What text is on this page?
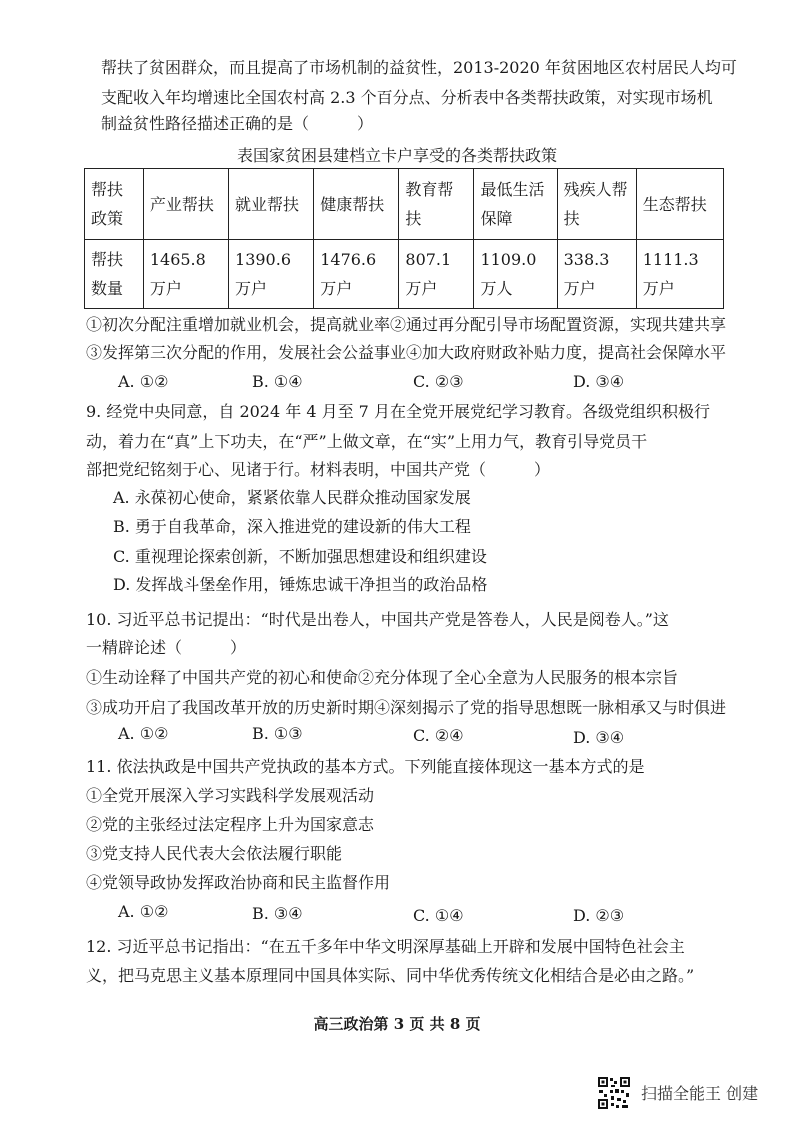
帮扶了贫困群众，而且提高了市场机制的益贫性，2013-2020 年贫困地区农村居民人均可
支配收入年均增速比全国农村高 2.3 个百分点、分析表中各类帮扶政策，对实现市场机
制益贫性路径描述正确的是（　　　）
表国家贫困县建档立卡户享受的各类帮扶政策
帮扶政策	产业帮扶	就业帮扶	健康帮扶	教育帮扶	最低生活保障	残疾人帮扶	生态帮扶
帮扶数量	1465.8 万户	1390.6 万户	1476.6 万户	807.1 万户	1109.0 万人	338.3 万户	1111.3 万户
①初次分配注重增加就业机会，提高就业率②通过再分配引导市场配置资源，实现共建共享
③发挥第三次分配的作用，发展社会公益事业④加大政府财政补贴力度，提高社会保障水平
A. ①②	B. ①④	C. ②③	D. ③④
9. 经党中央同意，自 2024 年 4 月至 7 月在全党开展党纪学习教育。各级党组织积极行
动，着力在“真”上下功夫，在“严”上做文章，在“实”上用力气，教育引导党员干
部把党纪铭刻于心、见诸于行。材料表明，中国共产党（　　　）
A. 永葆初心使命，紧紧依靠人民群众推动国家发展
B. 勇于自我革命，深入推进党的建设新的伟大工程
C. 重视理论探索创新，不断加强思想建设和组织建设
D. 发挥战斗堡垒作用，锤炼忠诚干净担当的政治品格
10. 习近平总书记提出：“时代是出卷人，中国共产党是答卷人，人民是阅卷人。”这
一精辟论述（　　　）
①生动诠释了中国共产党的初心和使命②充分体现了全心全意为人民服务的根本宗旨
③成功开启了我国改革开放的历史新时期④深刻揭示了党的指导思想既一脉相承又与时俱进
A. ①②	B. ①③	C. ②④	D. ③④
11. 依法执政是中国共产党执政的基本方式。下列能直接体现这一基本方式的是
①全党开展深入学习实践科学发展观活动
②党的主张经过法定程序上升为国家意志
③党支持人民代表大会依法履行职能
④党领导政协发挥政治协商和民主监督作用
A. ①②	B. ③④	C. ①④	D. ②③
12. 习近平总书记指出：“在五千多年中华文明深厚基础上开辟和发展中国特色社会主
义，把马克思主义基本原理同中国具体实际、同中华优秀传统文化相结合是必由之路。”
高三政治第 3 页 共 8 页
扫描全能王 创建
